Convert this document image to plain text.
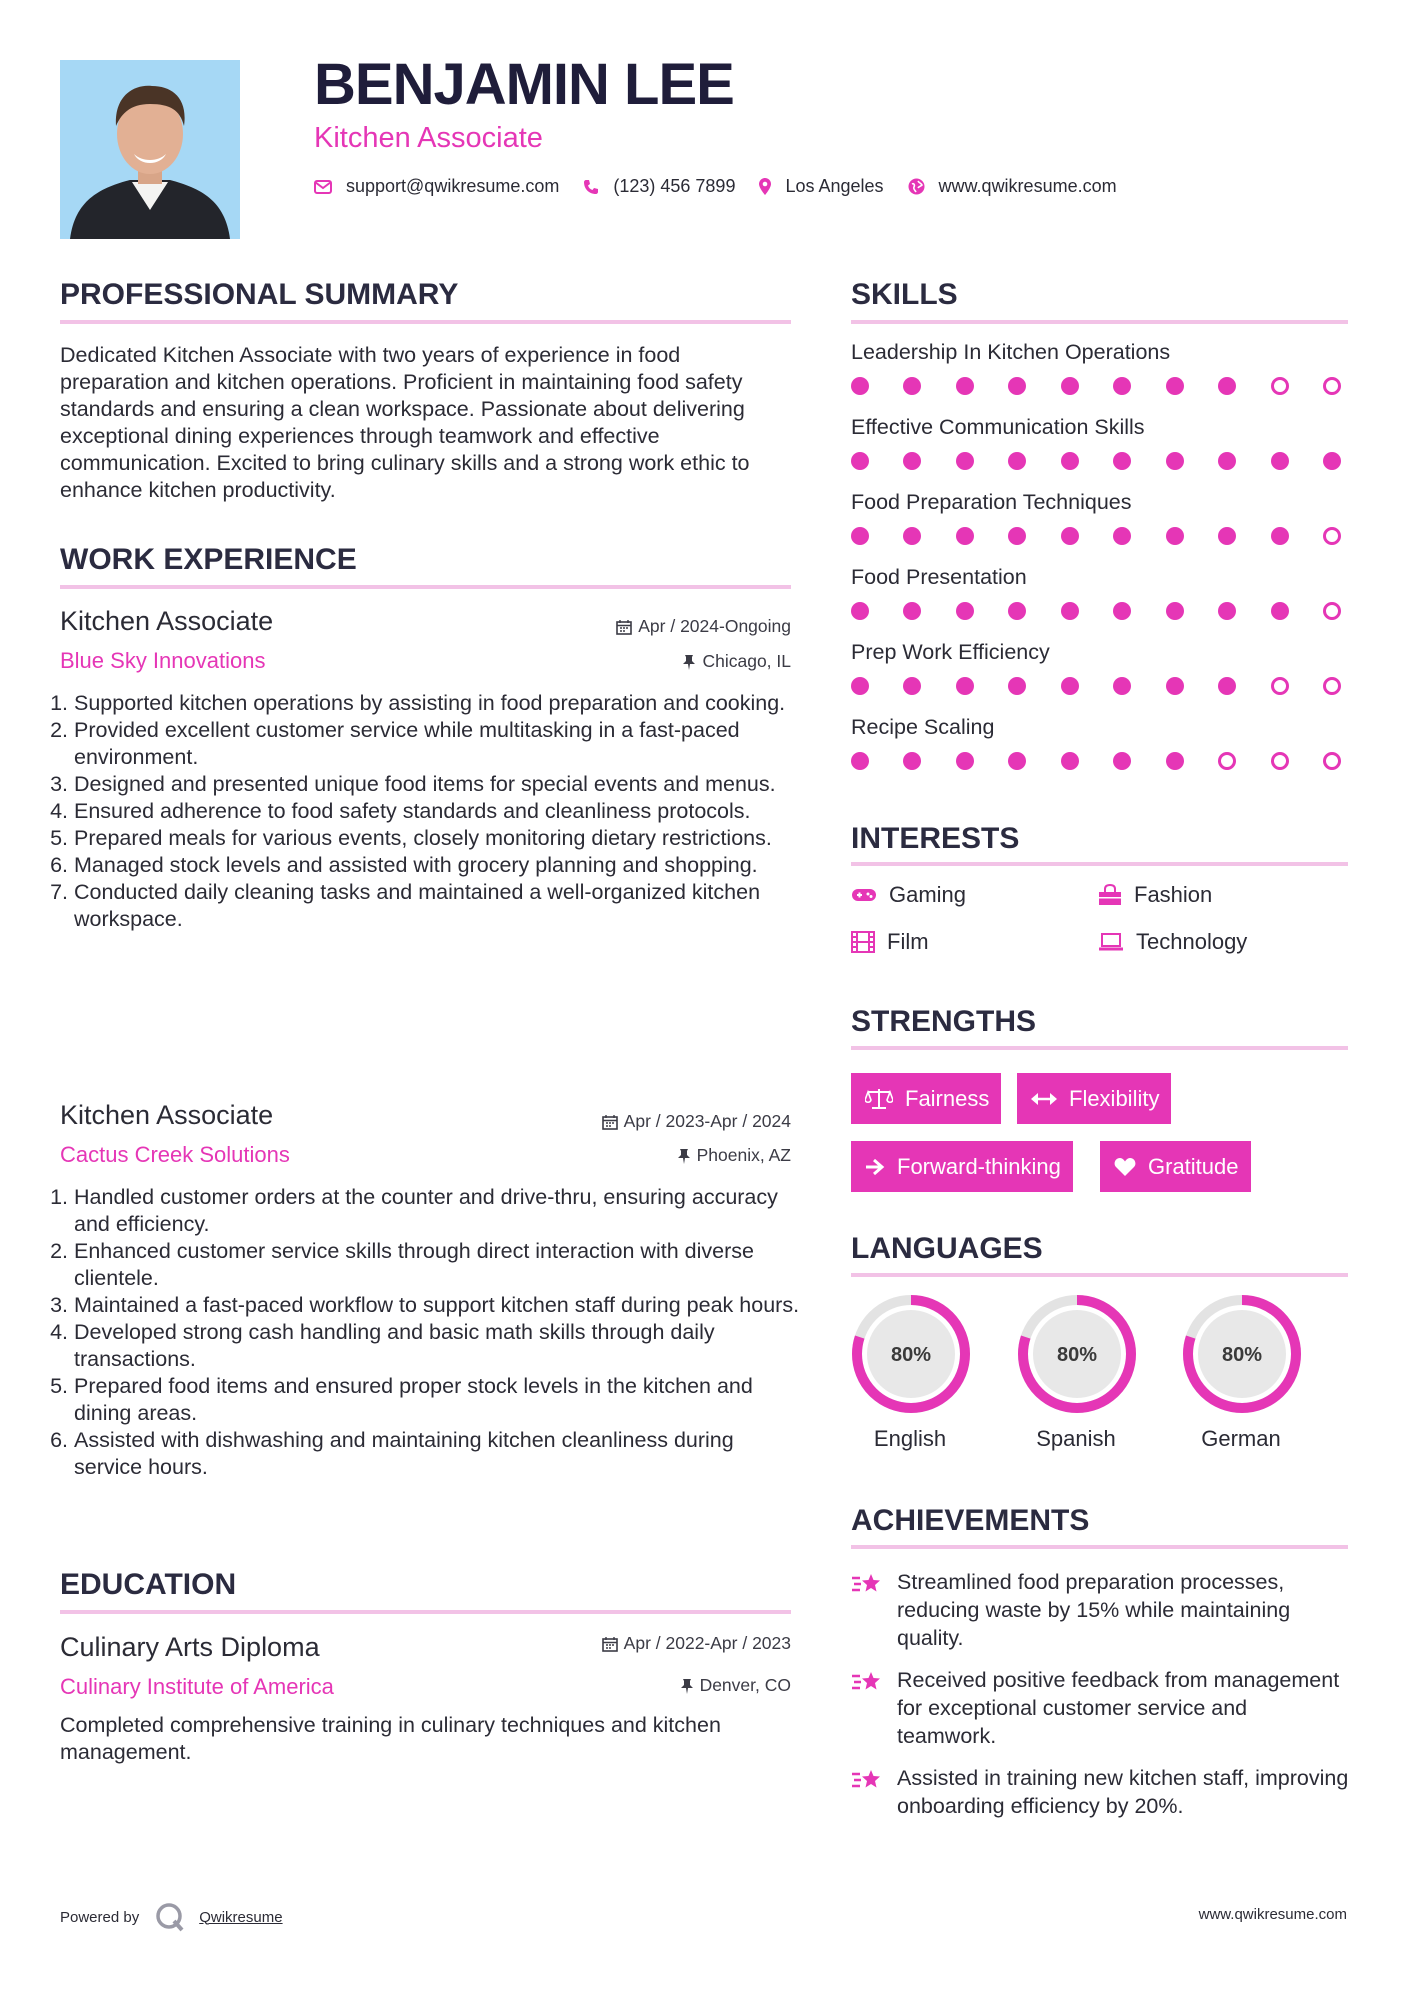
BENJAMIN LEE
Kitchen Associate
support@qwikresume.com	(123) 456 7899	Los Angeles	www.qwikresume.com
PROFESSIONAL SUMMARY
Dedicated Kitchen Associate with two years of experience in food preparation and kitchen operations. Proficient in maintaining food safety standards and ensuring a clean workspace. Passionate about delivering exceptional dining experiences through teamwork and effective communication. Excited to bring culinary skills and a strong work ethic to enhance kitchen productivity.
WORK EXPERIENCE
Kitchen Associate	Apr / 2024-Ongoing
Blue Sky Innovations	Chicago, IL
1. Supported kitchen operations by assisting in food preparation and cooking.
2. Provided excellent customer service while multitasking in a fast-paced environment.
3. Designed and presented unique food items for special events and menus.
4. Ensured adherence to food safety standards and cleanliness protocols.
5. Prepared meals for various events, closely monitoring dietary restrictions.
6. Managed stock levels and assisted with grocery planning and shopping.
7. Conducted daily cleaning tasks and maintained a well-organized kitchen workspace.
Kitchen Associate	Apr / 2023-Apr / 2024
Cactus Creek Solutions	Phoenix, AZ
1. Handled customer orders at the counter and drive-thru, ensuring accuracy and efficiency.
2. Enhanced customer service skills through direct interaction with diverse clientele.
3. Maintained a fast-paced workflow to support kitchen staff during peak hours.
4. Developed strong cash handling and basic math skills through daily transactions.
5. Prepared food items and ensured proper stock levels in the kitchen and dining areas.
6. Assisted with dishwashing and maintaining kitchen cleanliness during service hours.
EDUCATION
Culinary Arts Diploma	Apr / 2022-Apr / 2023
Culinary Institute of America	Denver, CO
Completed comprehensive training in culinary techniques and kitchen management.
SKILLS
Leadership In Kitchen Operations
Effective Communication Skills
Food Preparation Techniques
Food Presentation
Prep Work Efficiency
Recipe Scaling
INTERESTS
Gaming	Fashion
Film	Technology
STRENGTHS
Fairness	Flexibility
Forward-thinking	Gratitude
LANGUAGES
80%
English
80%
Spanish
80%
German
ACHIEVEMENTS
Streamlined food preparation processes, reducing waste by 15% while maintaining quality.
Received positive feedback from management for exceptional customer service and teamwork.
Assisted in training new kitchen staff, improving onboarding efficiency by 20%.
Powered by	Qwikresume	www.qwikresume.com
